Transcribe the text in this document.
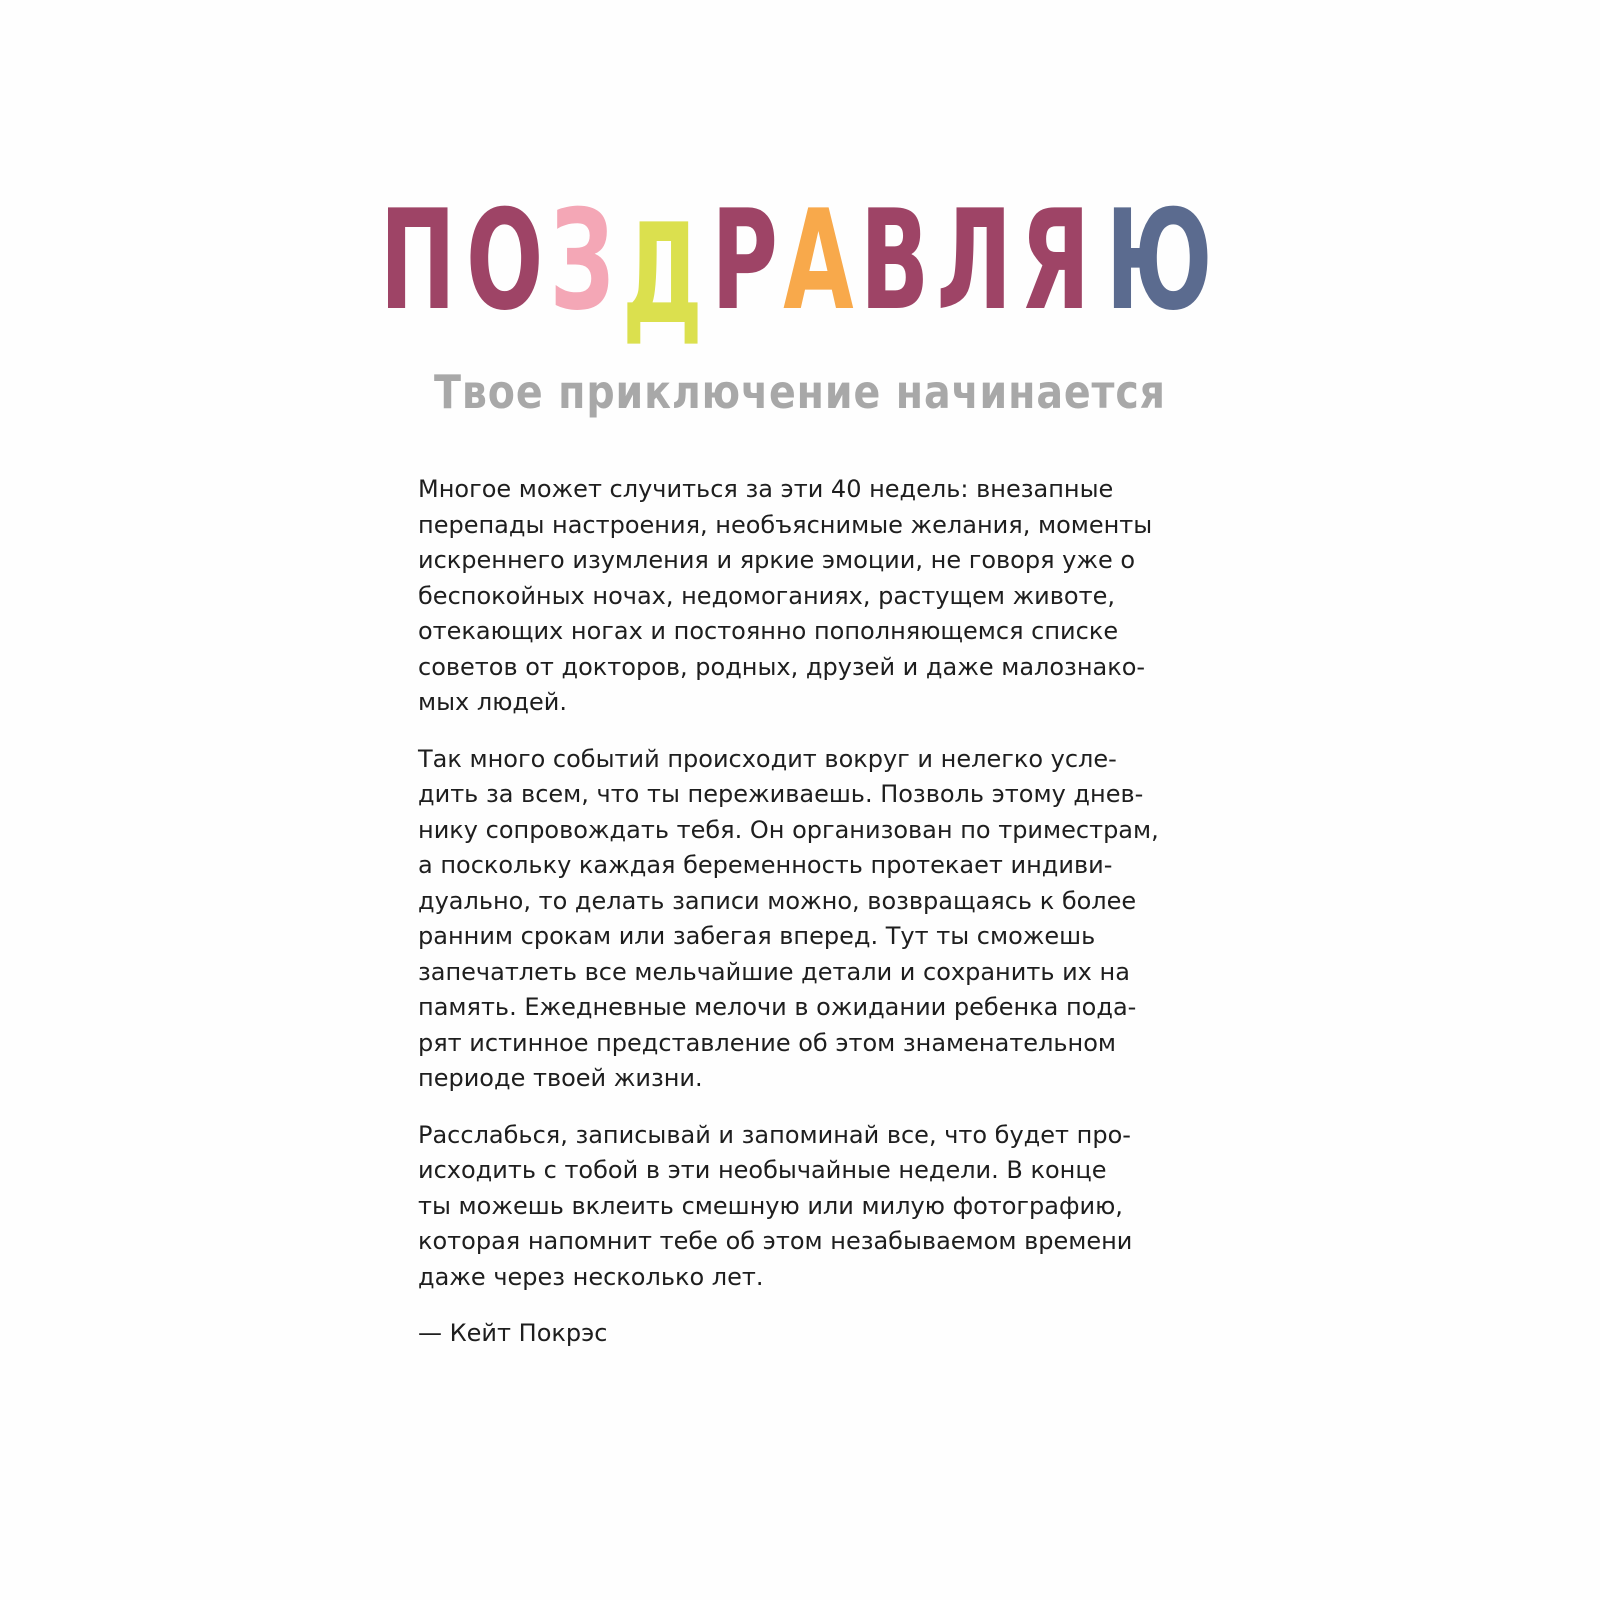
П О З Д Р А В Л Я Ю
Твое приключение начинается

Многое может случиться за эти 40 недель: внезапные
перепады настроения, необъяснимые желания, моменты
искреннего изумления и яркие эмоции, не говоря уже о
беспокойных ночах, недомоганиях, растущем животе,
отекающих ногах и постоянно пополняющемся списке
советов от докторов, родных, друзей и даже малознако-
мых людей.

Так много событий происходит вокруг и нелегко усле-
дить за всем, что ты переживаешь. Позволь этому днев-
нику сопровождать тебя. Он организован по триместрам,
а поскольку каждая беременность протекает индиви-
дуально, то делать записи можно, возвращаясь к более
ранним срокам или забегая вперед. Тут ты сможешь
запечатлеть все мельчайшие детали и сохранить их на
память. Ежедневные мелочи в ожидании ребенка пода-
рят истинное представление об этом знаменательном
периоде твоей жизни.

Расслабься, записывай и запоминай все, что будет про-
исходить с тобой в эти необычайные недели. В конце
ты можешь вклеить смешную или милую фотографию,
которая напомнит тебе об этом незабываемом времени
даже через несколько лет.

— Кейт Покрэс
